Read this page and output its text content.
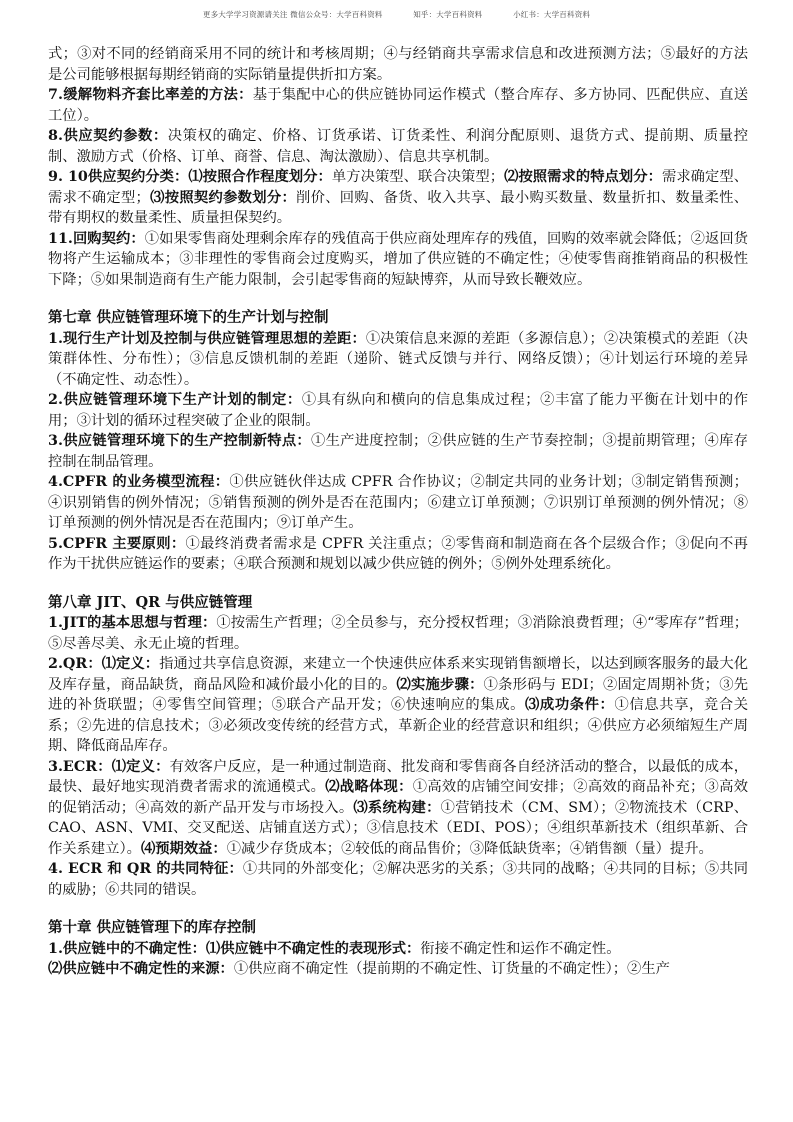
更多大学学习资源请关注 微信公众号：大学百科资料	知乎：大学百科资料	小红书：大学百科资料

式；③对不同的经销商采用不同的统计和考核周期；④与经销商共享需求信息和改进预测方法；⑤最好的方法是公司能够根据每期经销商的实际销量提供折扣方案。

7.缓解物料齐套比率差的方法：基于集配中心的供应链协同运作模式（整合库存、多方协同、匹配供应、直送工位）。

8.供应契约参数：决策权的确定、价格、订货承诺、订货柔性、利润分配原则、退货方式、提前期、质量控制、激励方式（价格、订单、商誉、信息、淘汰激励）、信息共享机制。

9. 10供应契约分类：⑴按照合作程度划分：单方决策型、联合决策型；⑵按照需求的特点划分：需求确定型、需求不确定型；⑶按照契约参数划分：削价、回购、备货、收入共享、最小购买数量、数量折扣、数量柔性、带有期权的数量柔性、质量担保契约。

11.回购契约：①如果零售商处理剩余库存的残值高于供应商处理库存的残值，回购的效率就会降低；②返回货物将产生运输成本；③非理性的零售商会过度购买，增加了供应链的不确定性；④使零售商推销商品的积极性下降；⑤如果制造商有生产能力限制，会引起零售商的短缺博弈，从而导致长鞭效应。

第七章 供应链管理环境下的生产计划与控制

1.现行生产计划及控制与供应链管理思想的差距：①决策信息来源的差距（多源信息）；②决策模式的差距（决策群体性、分布性）；③信息反馈机制的差距（递阶、链式反馈与并行、网络反馈）；④计划运行环境的差异（不确定性、动态性）。

2.供应链管理环境下生产计划的制定：①具有纵向和横向的信息集成过程；②丰富了能力平衡在计划中的作用；③计划的循环过程突破了企业的限制。

3.供应链管理环境下的生产控制新特点：①生产进度控制；②供应链的生产节奏控制；③提前期管理；④库存控制在制品管理。

4.CPFR 的业务模型流程：①供应链伙伴达成 CPFR 合作协议；②制定共同的业务计划；③制定销售预测；④识别销售的例外情况；⑤销售预测的例外是否在范围内；⑥建立订单预测；⑦识别订单预测的例外情况；⑧订单预测的例外情况是否在范围内；⑨订单产生。

5.CPFR 主要原则：①最终消费者需求是 CPFR 关注重点；②零售商和制造商在各个层级合作；③促向不再作为干扰供应链运作的要素；④联合预测和规划以减少供应链的例外；⑤例外处理系统化。

第八章 JIT、QR 与供应链管理

1.JIT的基本思想与哲理：①按需生产哲理；②全员参与，充分授权哲理；③消除浪费哲理；④“零库存”哲理；⑤尽善尽美、永无止境的哲理。

2.QR：⑴定义：指通过共享信息资源，来建立一个快速供应体系来实现销售额增长，以达到顾客服务的最大化及库存量，商品缺货，商品风险和减价最小化的目的。⑵实施步骤：①条形码与 EDI；②固定周期补货；③先进的补货联盟；④零售空间管理；⑤联合产品开发；⑥快速响应的集成。⑶成功条件：①信息共享，竞合关系；②先进的信息技术；③必须改变传统的经营方式，革新企业的经营意识和组织；④供应方必须缩短生产周期、降低商品库存。

3.ECR：⑴定义：有效客户反应，是一种通过制造商、批发商和零售商各自经济活动的整合，以最低的成本，最快、最好地实现消费者需求的流通模式。⑵战略体现：①高效的店铺空间安排；②高效的商品补充；③高效的促销活动；④高效的新产品开发与市场投入。⑶系统构建：①营销技术（CM、SM）；②物流技术（CRP、CAO、ASN、VMI、交叉配送、店铺直送方式）；③信息技术（EDI、POS）；④组织革新技术（组织革新、合作关系建立）。⑷预期效益：①减少存货成本；②较低的商品售价；③降低缺货率；④销售额（量）提升。

4. ECR 和 QR 的共同特征：①共同的外部变化；②解决恶劣的关系；③共同的战略；④共同的目标；⑤共同的威胁；⑥共同的错误。

第十章 供应链管理下的库存控制

1.供应链中的不确定性：⑴供应链中不确定性的表现形式：衔接不确定性和运作不确定性。

⑵供应链中不确定性的来源：①供应商不确定性（提前期的不确定性、订货量的不确定性）；②生产
